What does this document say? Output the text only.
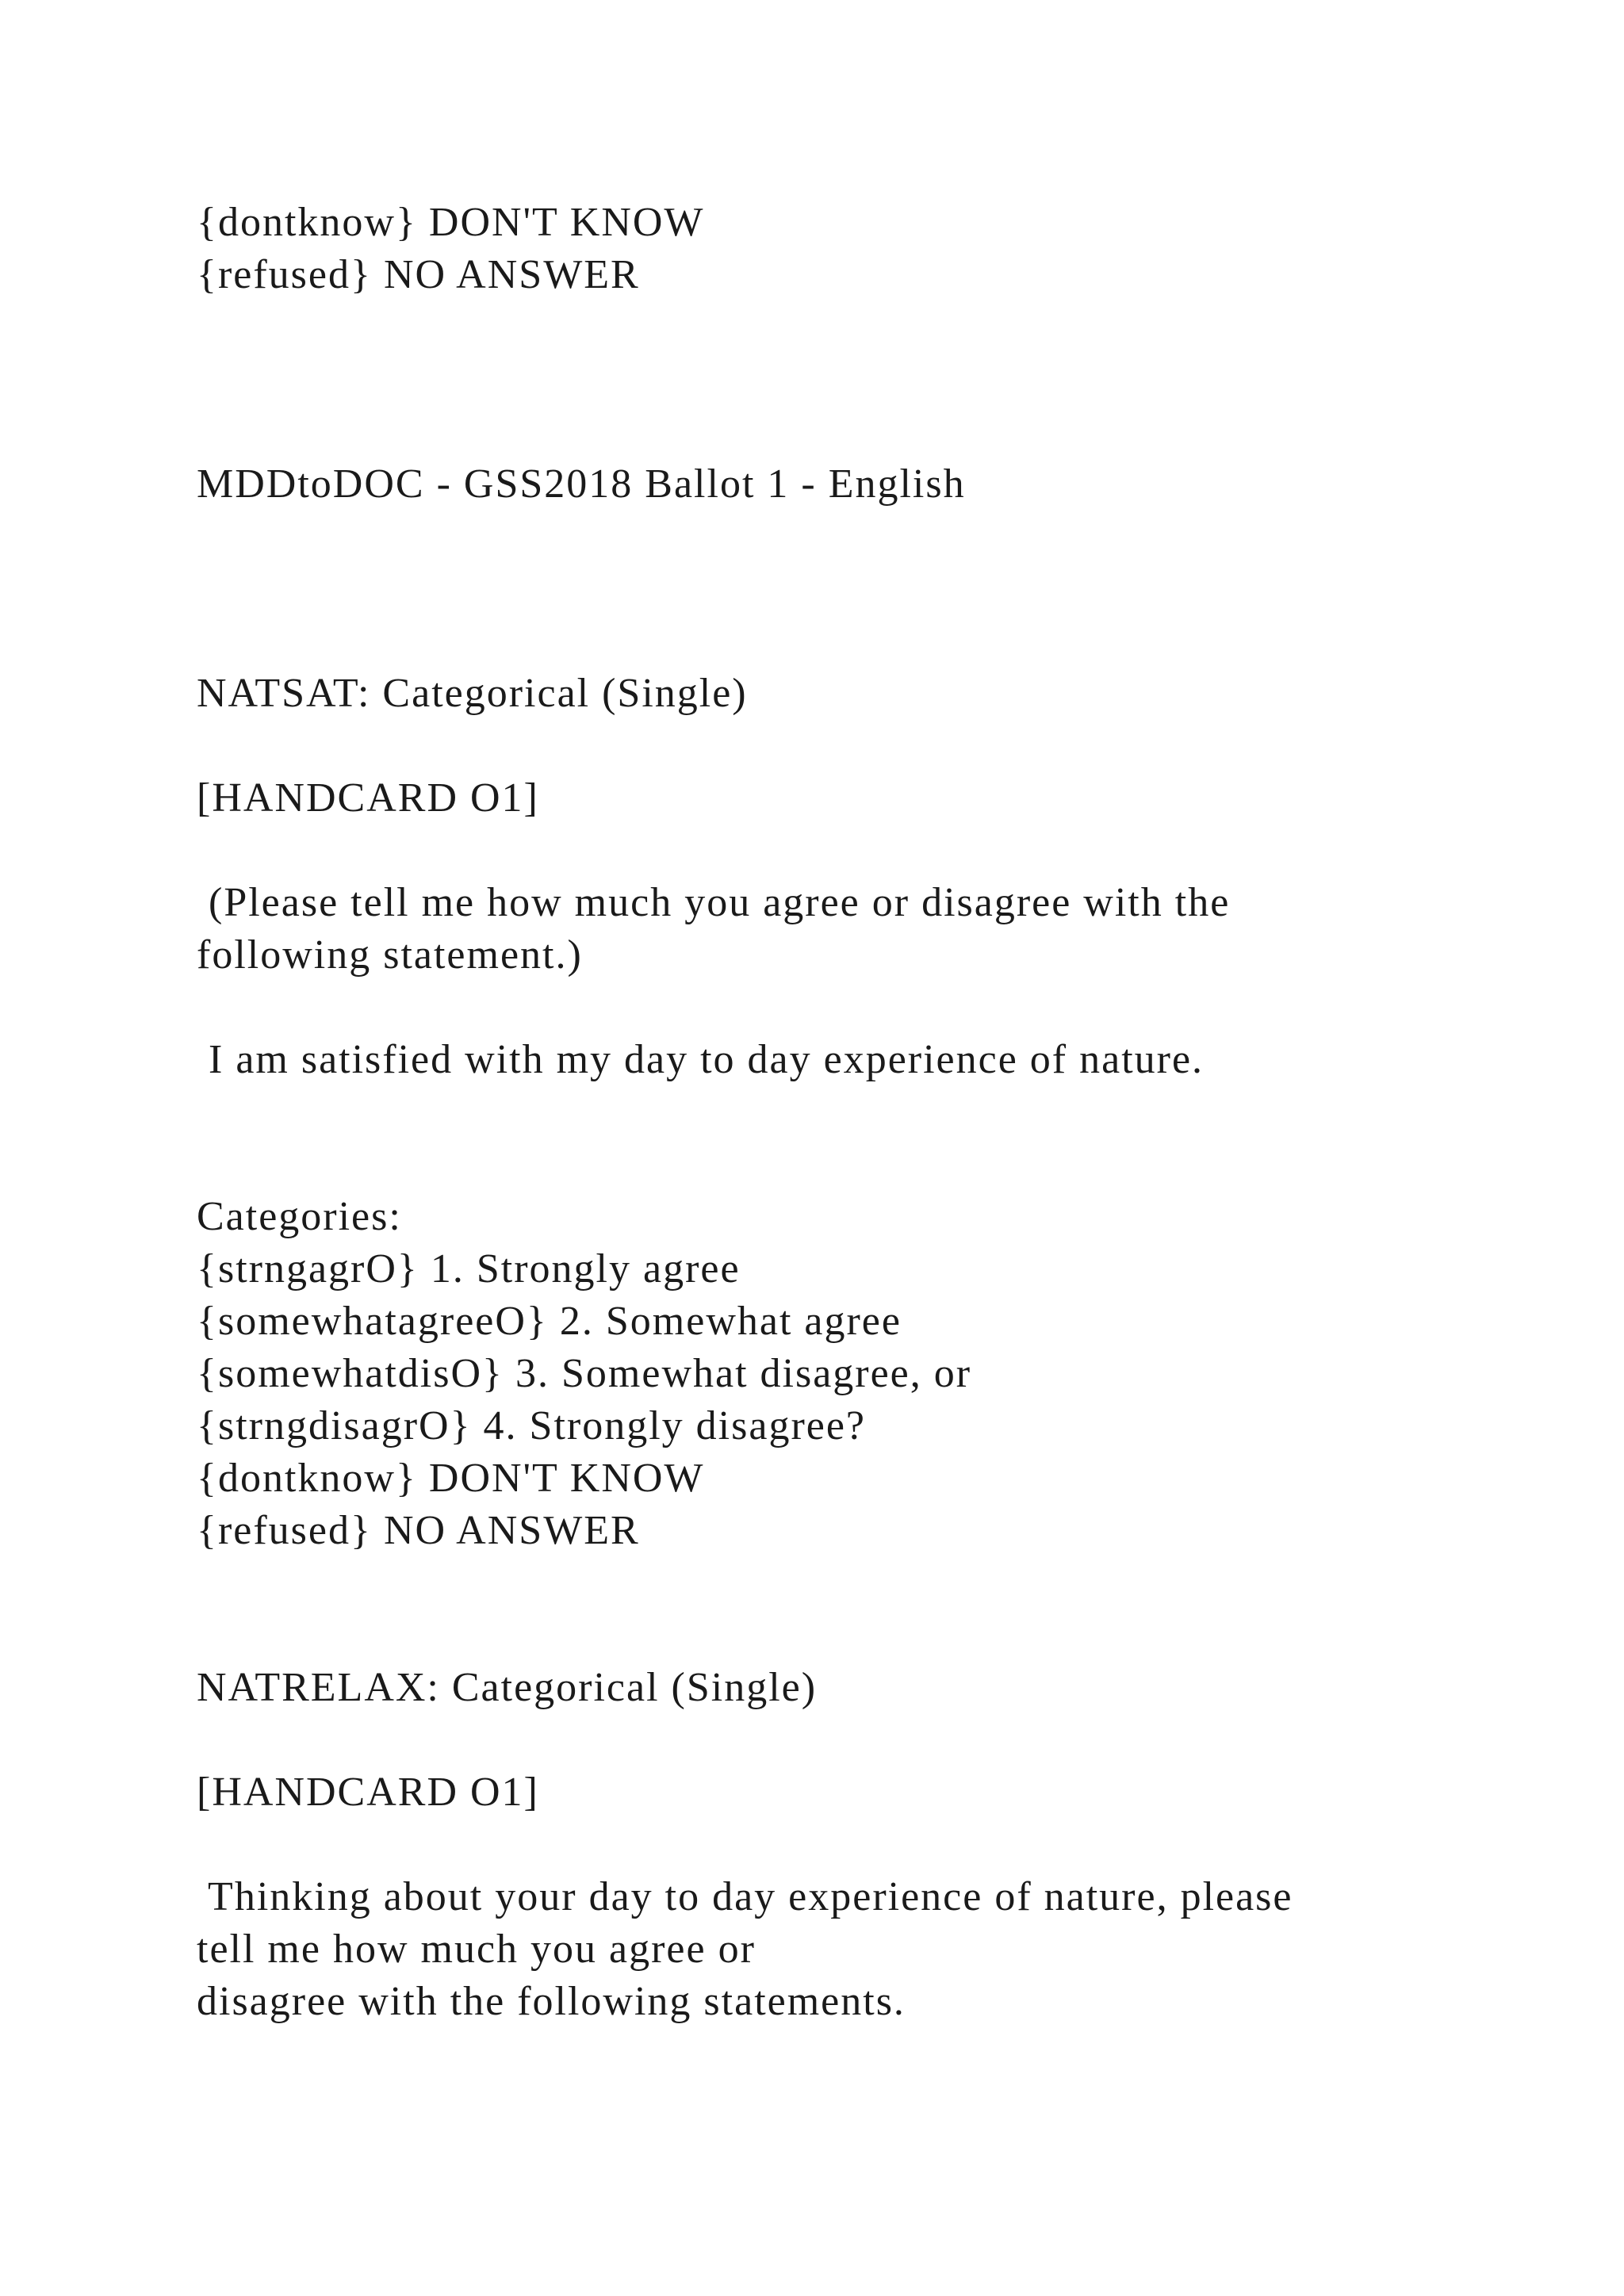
{dontknow} DON'T KNOW
{refused} NO ANSWER
MDDtoDOC - GSS2018 Ballot 1 - English
NATSAT: Categorical (Single)
[HANDCARD O1]
(Please tell me how much you agree or disagree with the
following statement.)
I am satisfied with my day to day experience of nature.
Categories:
{strngagrO} 1. Strongly agree
{somewhatagreeO} 2. Somewhat agree
{somewhatdisO} 3. Somewhat disagree, or
{strngdisagrO} 4. Strongly disagree?
{dontknow} DON'T KNOW
{refused} NO ANSWER
NATRELAX: Categorical (Single)
[HANDCARD O1]
Thinking about your day to day experience of nature, please
tell me how much you agree or
disagree with the following statements.
